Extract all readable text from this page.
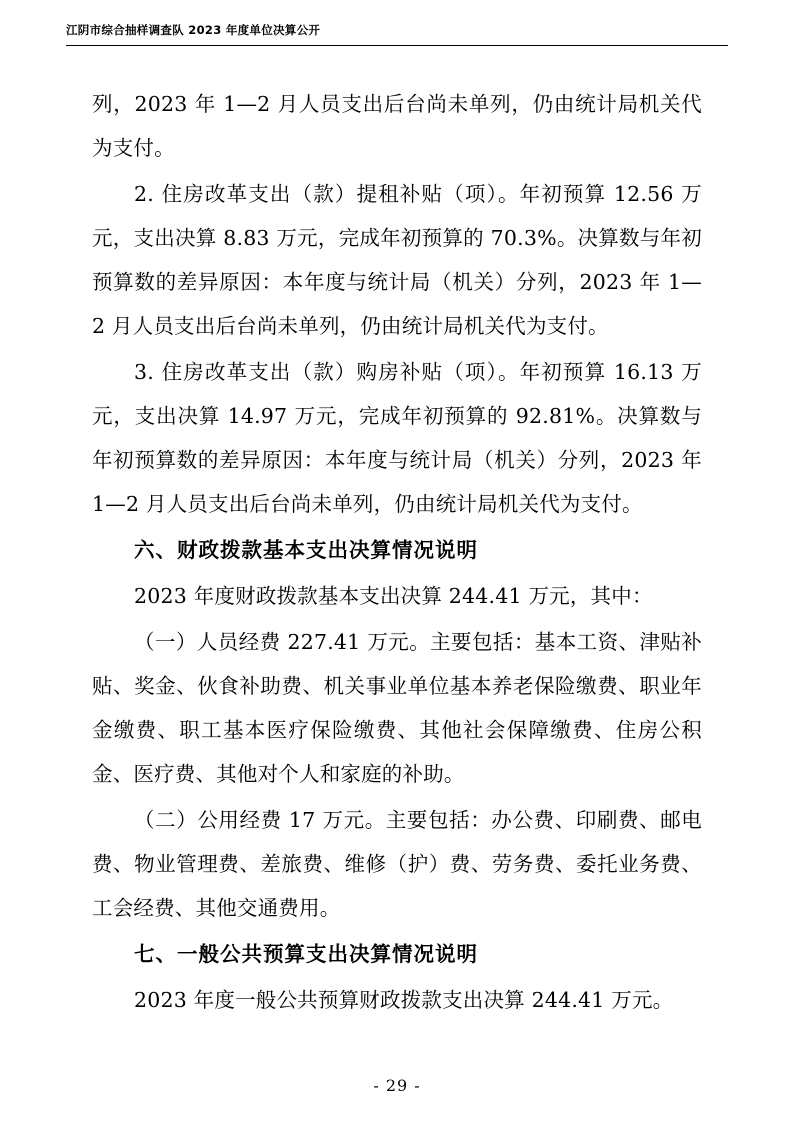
江阴市综合抽样调查队 2023 年度单位决算公开

列，2023 年 1—2 月人员支出后台尚未单列，仍由统计局机关代为支付。

2. 住房改革支出（款）提租补贴（项）。年初预算 12.56 万元，支出决算 8.83 万元，完成年初预算的 70.3%。决算数与年初预算数的差异原因：本年度与统计局（机关）分列，2023 年 1—2 月人员支出后台尚未单列，仍由统计局机关代为支付。

3. 住房改革支出（款）购房补贴（项）。年初预算 16.13 万元，支出决算 14.97 万元，完成年初预算的 92.81%。决算数与年初预算数的差异原因：本年度与统计局（机关）分列，2023 年 1—2 月人员支出后台尚未单列，仍由统计局机关代为支付。

六、财政拨款基本支出决算情况说明

2023 年度财政拨款基本支出决算 244.41 万元，其中：

（一）人员经费 227.41 万元。主要包括：基本工资、津贴补贴、奖金、伙食补助费、机关事业单位基本养老保险缴费、职业年金缴费、职工基本医疗保险缴费、其他社会保障缴费、住房公积金、医疗费、其他对个人和家庭的补助。

（二）公用经费 17 万元。主要包括：办公费、印刷费、邮电费、物业管理费、差旅费、维修（护）费、劳务费、委托业务费、工会经费、其他交通费用。

七、一般公共预算支出决算情况说明

2023 年度一般公共预算财政拨款支出决算 244.41 万元。

- 29 -
